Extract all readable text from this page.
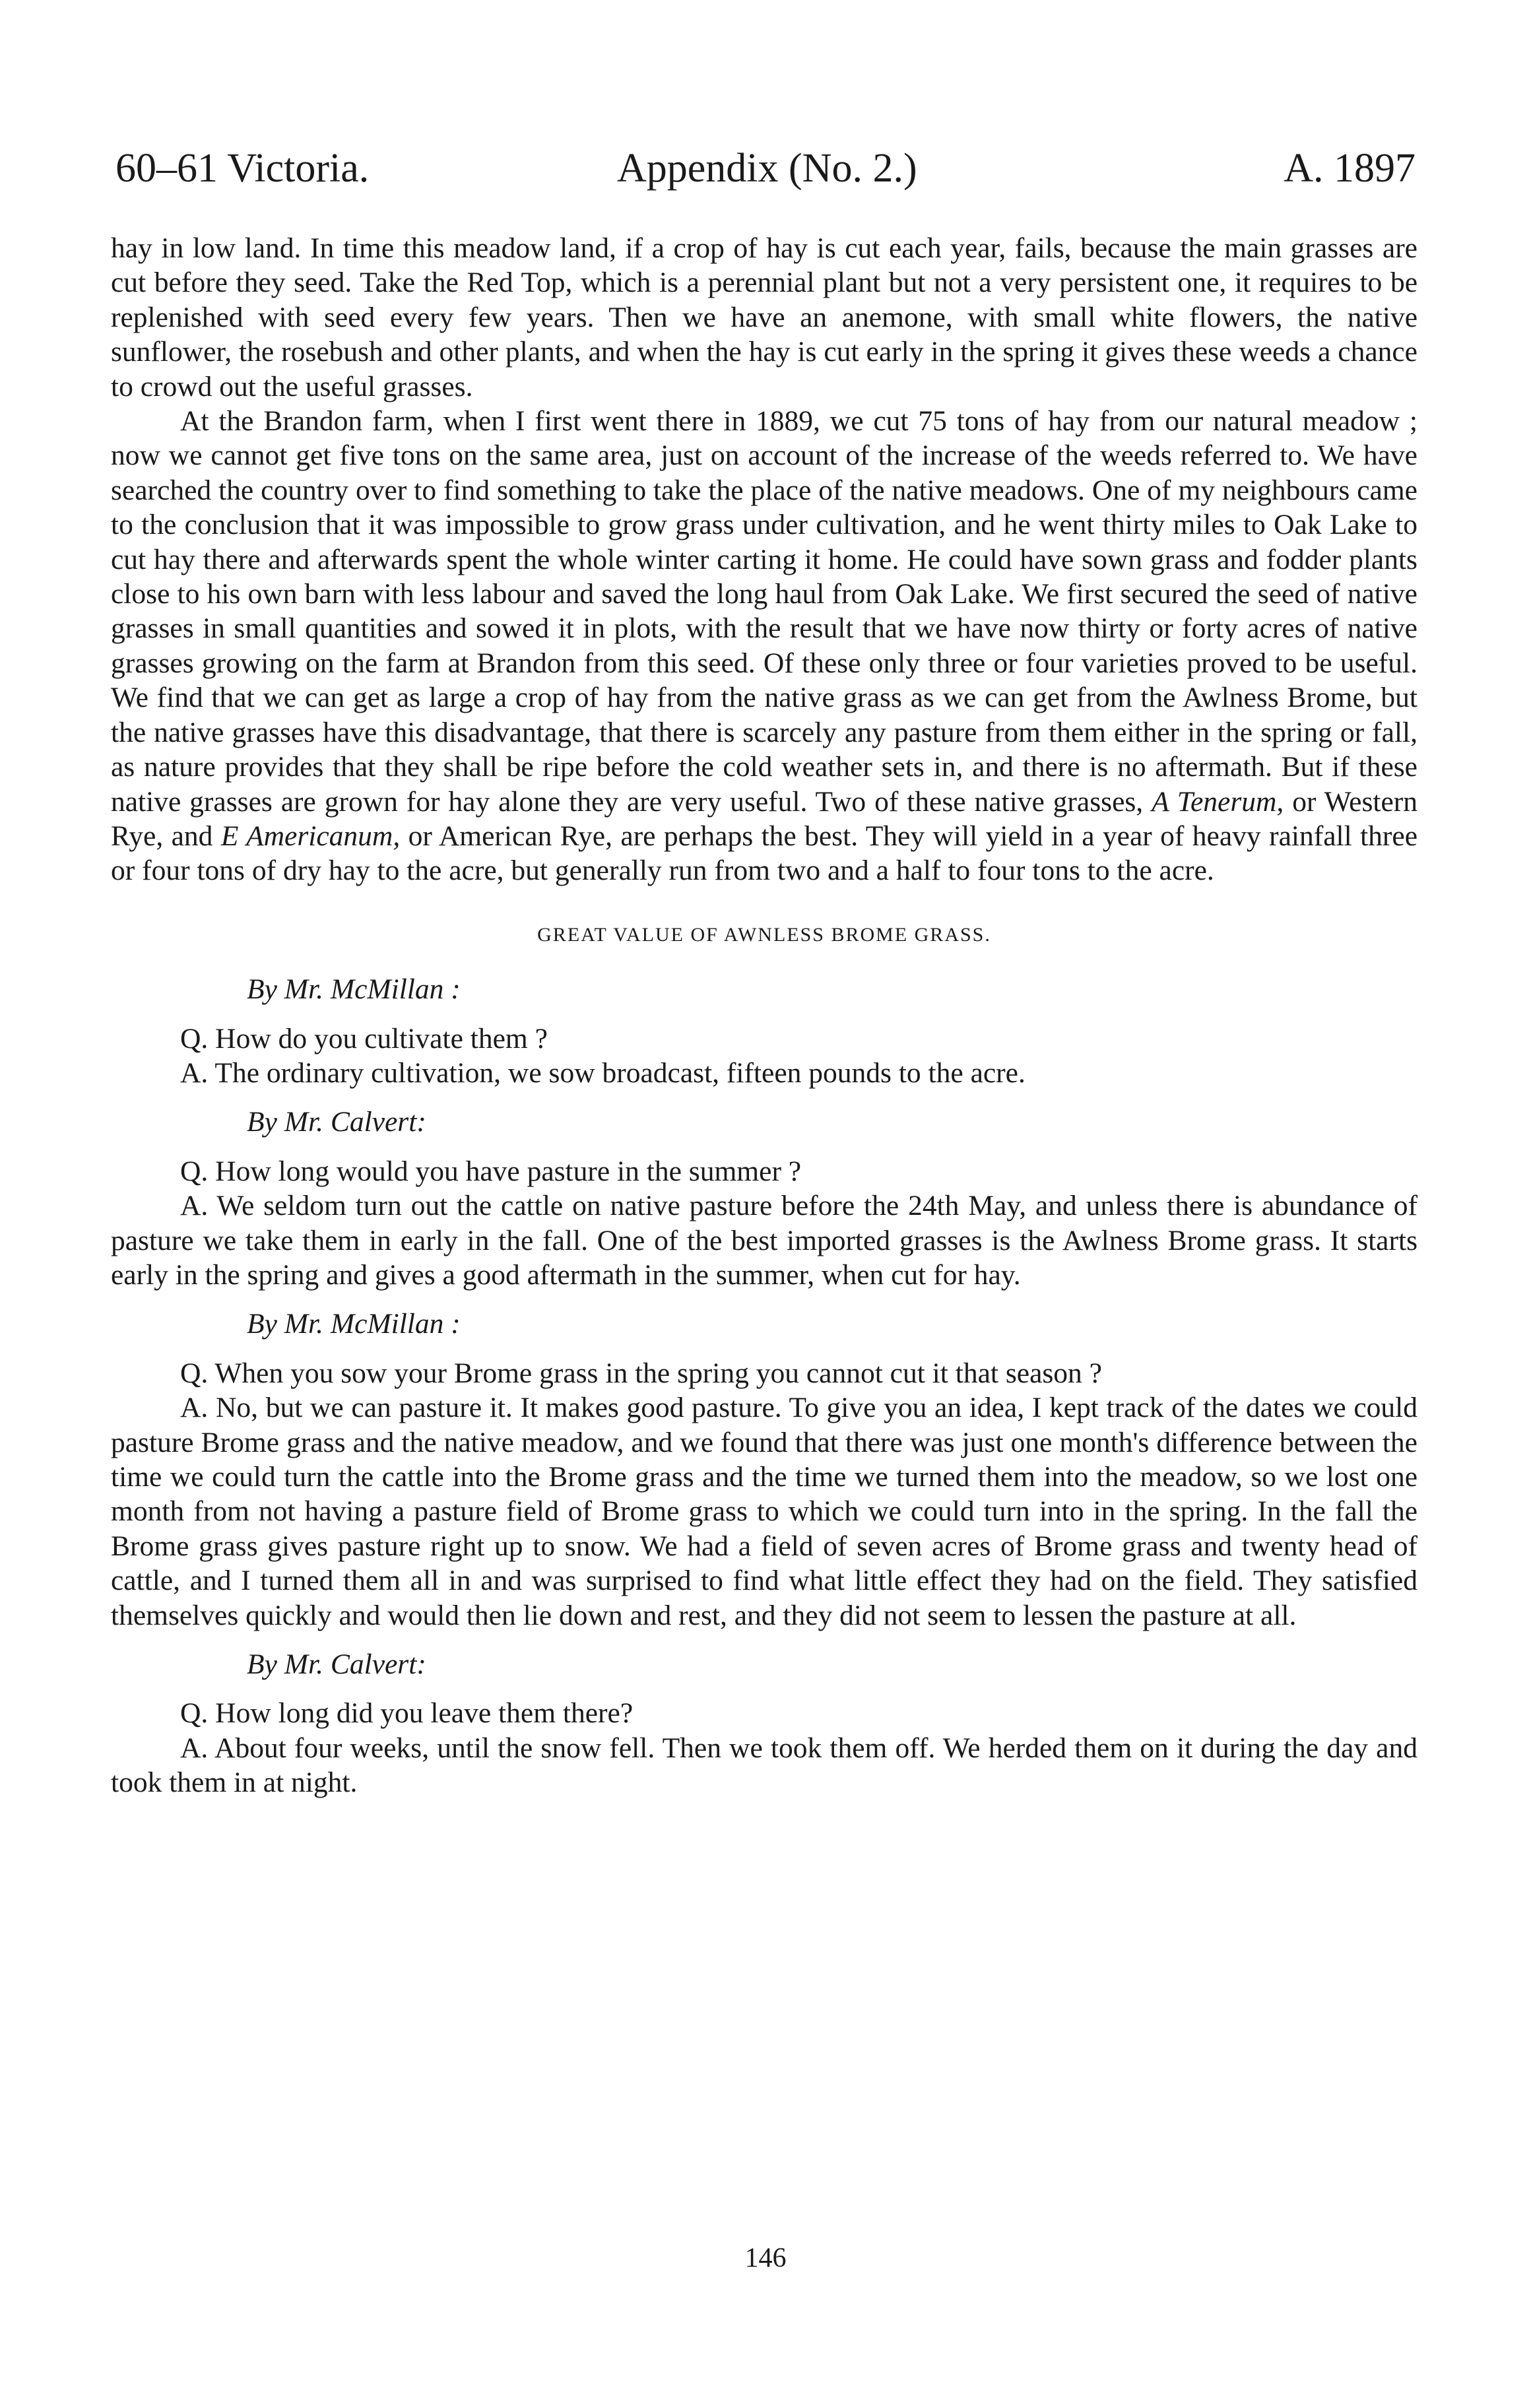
60–61 Victoria.	Appendix (No. 2.)	A. 1897

hay in low land. In time this meadow land, if a crop of hay is cut each year, fails, because the main grasses are cut before they seed. Take the Red Top, which is a perennial plant but not a very persistent one, it requires to be replenished with seed every few years. Then we have an anemone, with small white flowers, the native sunflower, the rosebush and other plants, and when the hay is cut early in the spring it gives these weeds a chance to crowd out the useful grasses.

At the Brandon farm, when I first went there in 1889, we cut 75 tons of hay from our natural meadow ; now we cannot get five tons on the same area, just on account of the increase of the weeds referred to. We have searched the country over to find something to take the place of the native meadows. One of my neighbours came to the conclusion that it was impossible to grow grass under cultivation, and he went thirty miles to Oak Lake to cut hay there and afterwards spent the whole winter carting it home. He could have sown grass and fodder plants close to his own barn with less labour and saved the long haul from Oak Lake. We first secured the seed of native grasses in small quantities and sowed it in plots, with the result that we have now thirty or forty acres of native grasses growing on the farm at Brandon from this seed. Of these only three or four varieties proved to be useful. We find that we can get as large a crop of hay from the native grass as we can get from the Awlness Brome, but the native grasses have this disadvantage, that there is scarcely any pasture from them either in the spring or fall, as nature provides that they shall be ripe before the cold weather sets in, and there is no aftermath. But if these native grasses are grown for hay alone they are very useful. Two of these native grasses, A Tenerum, or Western Rye, and E Americanum, or American Rye, are perhaps the best. They will yield in a year of heavy rainfall three or four tons of dry hay to the acre, but generally run from two and a half to four tons to the acre.

GREAT VALUE OF AWNLESS BROME GRASS.
By Mr. McMillan :

Q. How do you cultivate them ?

A. The ordinary cultivation, we sow broadcast, fifteen pounds to the acre.

By Mr. Calvert:

Q. How long would you have pasture in the summer ?

A. We seldom turn out the cattle on native pasture before the 24th May, and unless there is abundance of pasture we take them in early in the fall. One of the best imported grasses is the Awlness Brome grass. It starts early in the spring and gives a good aftermath in the summer, when cut for hay.

By Mr. McMillan :

Q. When you sow your Brome grass in the spring you cannot cut it that season ?

A. No, but we can pasture it. It makes good pasture. To give you an idea, I kept track of the dates we could pasture Brome grass and the native meadow, and we found that there was just one month's difference between the time we could turn the cattle into the Brome grass and the time we turned them into the meadow, so we lost one month from not having a pasture field of Brome grass to which we could turn into in the spring. In the fall the Brome grass gives pasture right up to snow. We had a field of seven acres of Brome grass and twenty head of cattle, and I turned them all in and was surprised to find what little effect they had on the field. They satisfied themselves quickly and would then lie down and rest, and they did not seem to lessen the pasture at all.

By Mr. Calvert:

Q. How long did you leave them there?

A. About four weeks, until the snow fell. Then we took them off. We herded them on it during the day and took them in at night.

146
